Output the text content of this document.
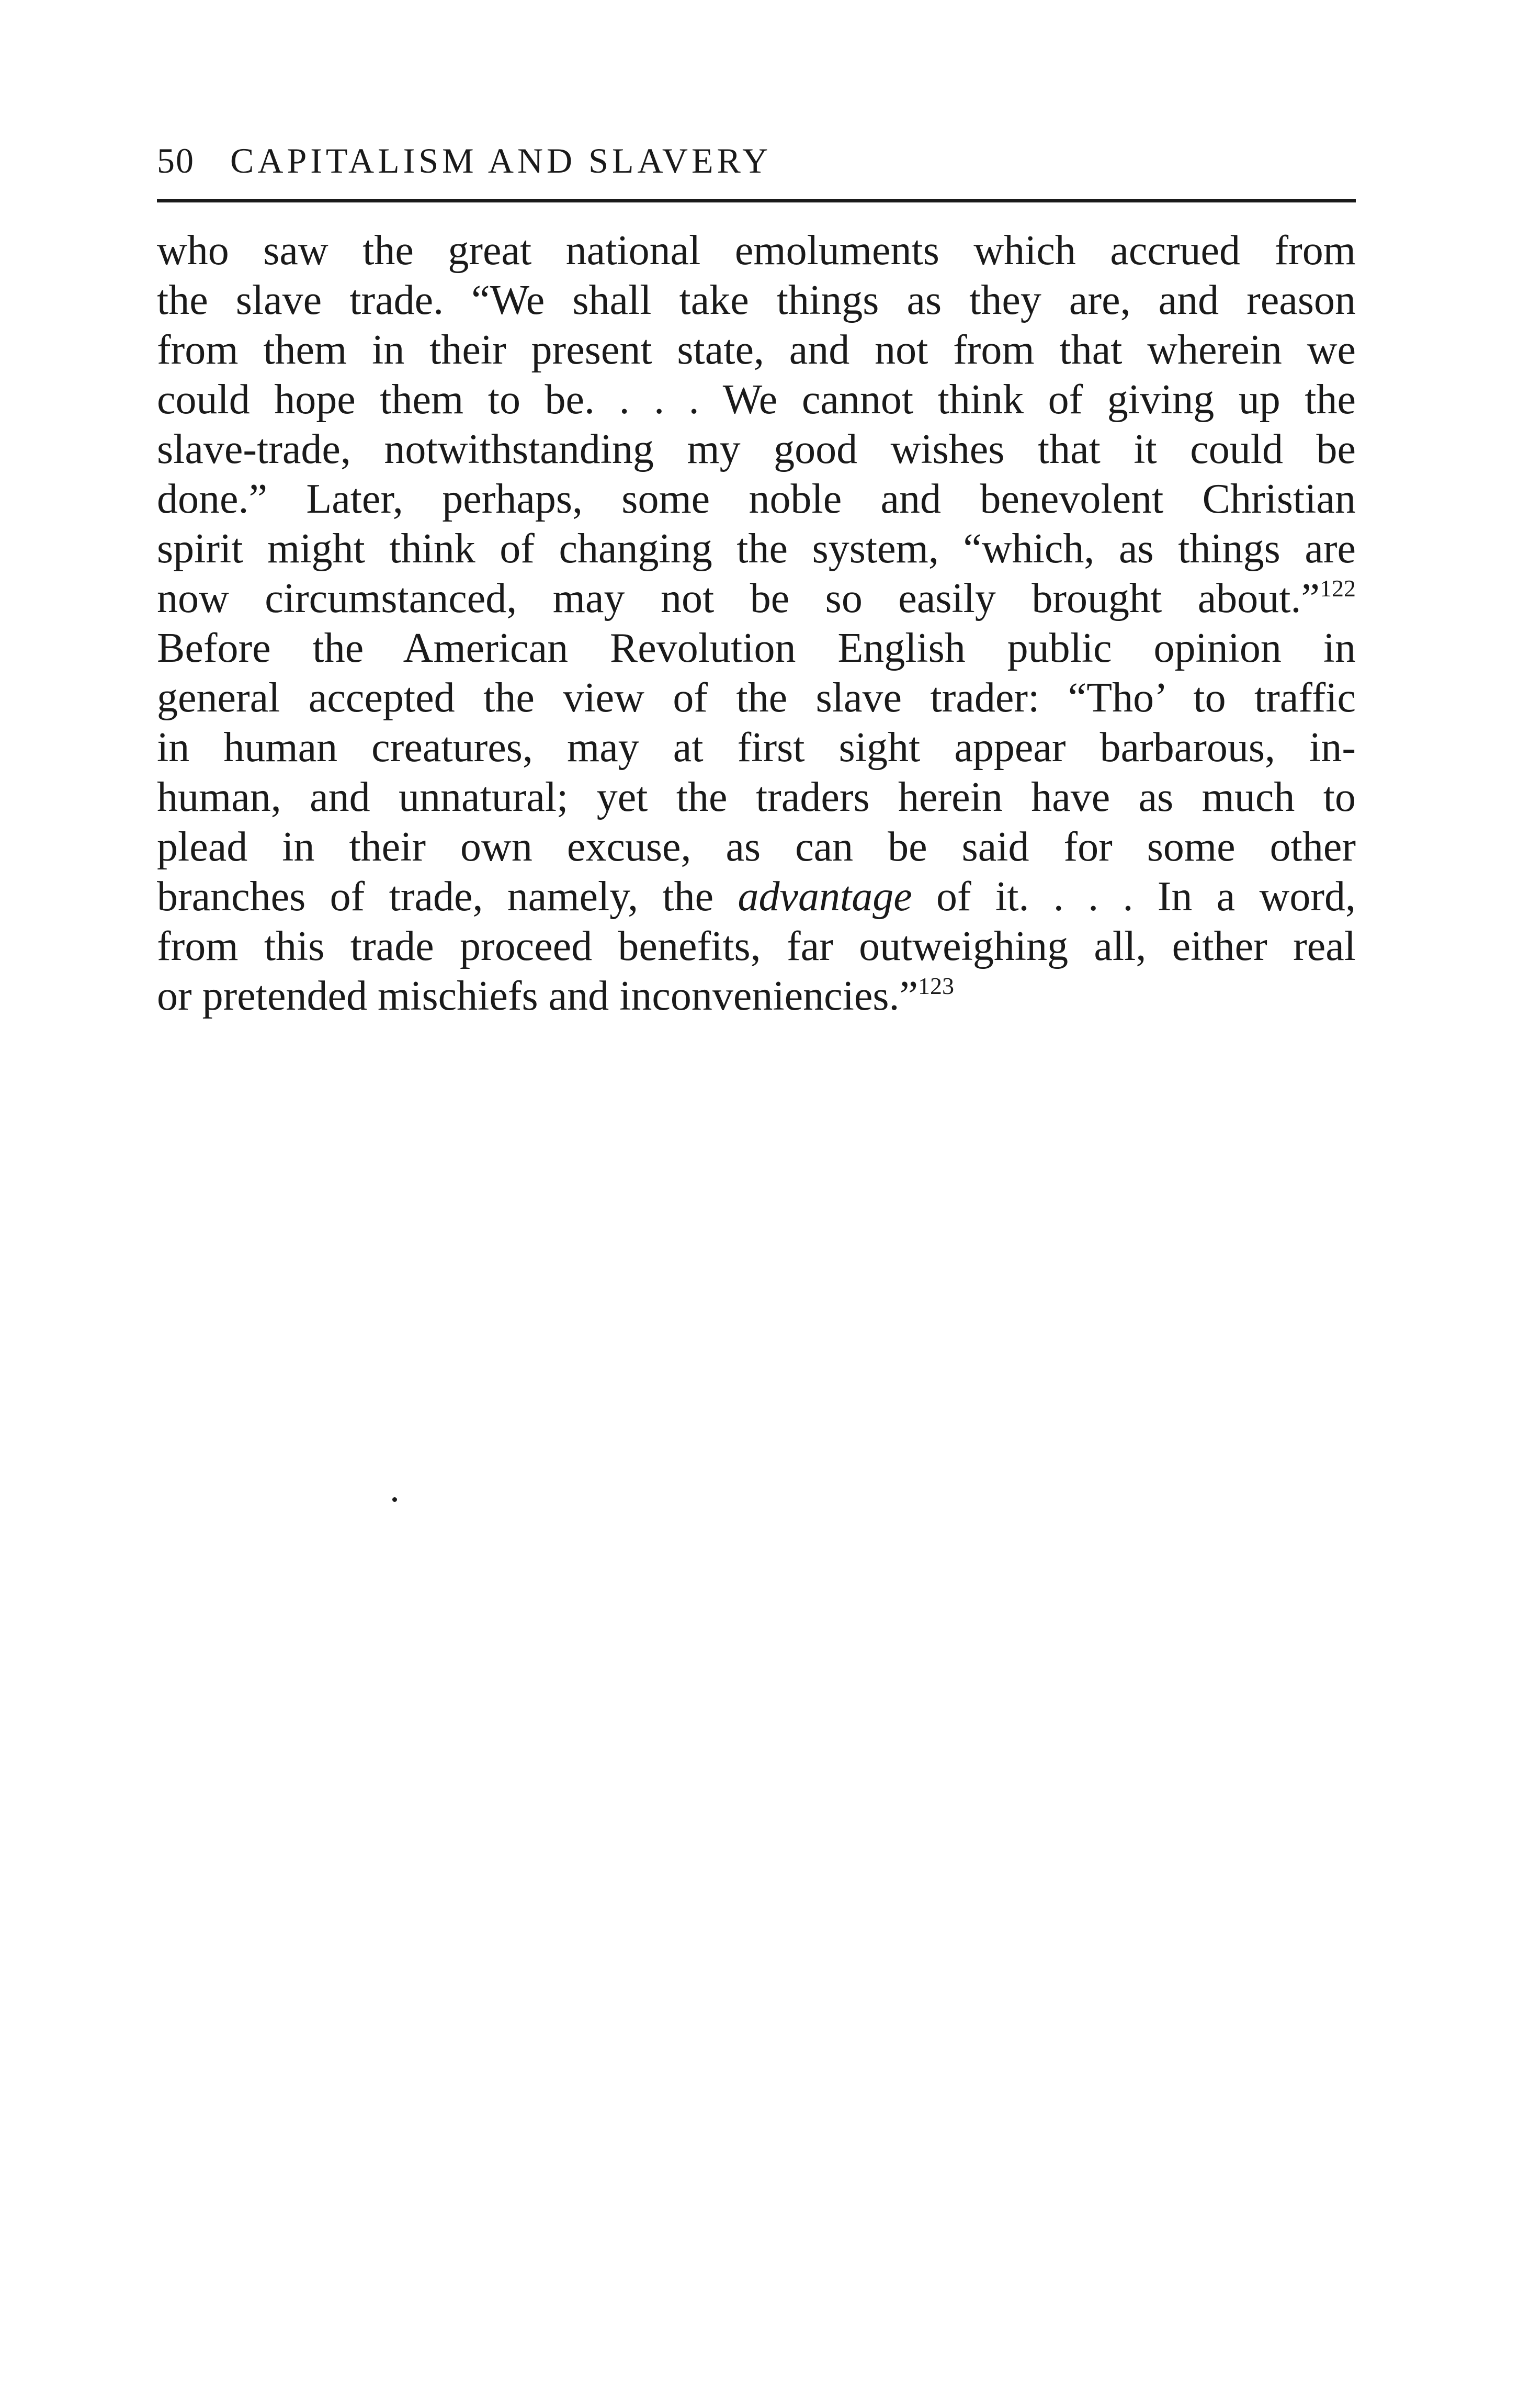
50 CAPITALISM AND SLAVERY
who saw the great national emoluments which accrued from
the slave trade. “We shall take things as they are, and reason
from them in their present state, and not from that wherein we
could hope them to be. . . . We cannot think of giving up the
slave-trade, notwithstanding my good wishes that it could be
done.” Later, perhaps, some noble and benevolent Christian
spirit might think of changing the system, “which, as things are
now circumstanced, may not be so easily brought about.”$^{122}$
Before the American Revolution English public opinion in
general accepted the view of the slave trader: “Tho’ to traffic
in human creatures, may at first sight appear barbarous, in-
human, and unnatural; yet the traders herein have as much to
plead in their own excuse, as can be said for some other
branches of trade, namely, the advantage of it. . . . In a word,
from this trade proceed benefits, far outweighing all, either real
or pretended mischiefs and inconveniencies.”$^{123}$
